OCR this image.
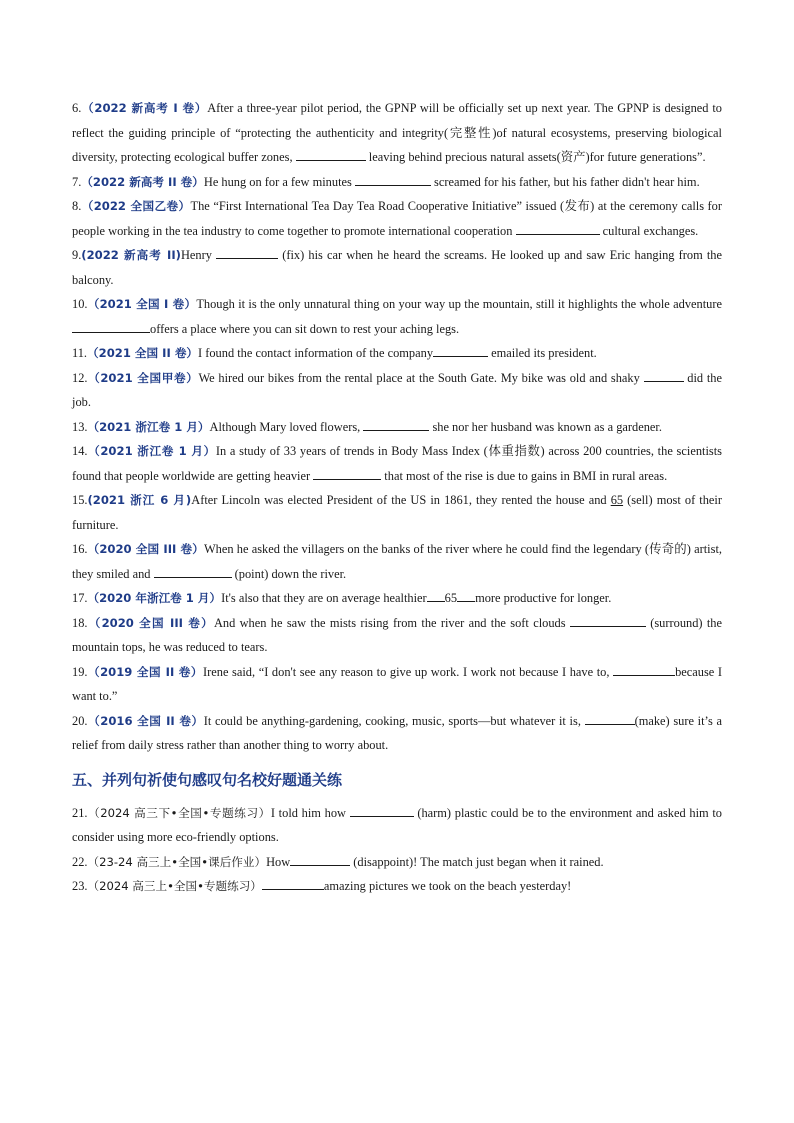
6.（2022 新高考 I 卷）After a three-year pilot period, the GPNP will be officially set up next year. The GPNP is designed to reflect the guiding principle of “protecting the authenticity and integrity(完整性)of natural ecosystems, preserving biological diversity, protecting ecological buffer zones,	leaving behind precious natural assets(资产)for future generations”.

7.（2022 新高考 II 卷）He hung on for a few minutes	screamed for his father, but his father didn't hear him.

8.（2022 全国乙卷）The “First International Tea Day Tea Road Cooperative Initiative” issued (发布) at the ceremony calls for people working in the tea industry to come together to promote international cooperation	cultural exchanges.

9.(2022 新高考 II)Henry	(fix) his car when he heard the screams. He looked up and saw Eric hanging from the balcony.

10.（2021 全国 I 卷）Though it is the only unnatural thing on your way up the mountain, still it highlights the whole adventure offers a place where you can sit down to rest your aching legs.

11.（2021 全国 II 卷）I found the contact information of the company	emailed its president.

12.（2021 全国甲卷）We hired our bikes from the rental place at the South Gate. My bike was old and shaky	did the job.

13.（2021 浙江卷 1 月）Although Mary loved flowers,	she nor her husband was known as a gardener.

14.（2021 浙江卷 1 月）In a study of 33 years of trends in Body Mass Index (体重指数) across 200 countries, the scientists found that people worldwide are getting heavier	that most of the rise is due to gains in BMI in rural areas.

15.(2021 浙江 6 月)After Lincoln was elected President of the US in 1861, they rented the house and 65 (sell) most of their furniture.

16.（2020 全国 III 卷）When he asked the villagers on the banks of the river where he could find the legendary (传奇的) artist, they smiled and	(point) down the river.

17.（2020 年浙江卷 1 月）It's also that they are on average healthier 65 more productive for longer.

18.（2020 全国 III 卷）And when he saw the mists rising from the river and the soft clouds	(surround) the mountain tops, he was reduced to tears.

19.（2019 全国 II 卷）Irene said, “I don't see any reason to give up work. I work not because I have to,	because I want to.”

20.（2016 全国 II 卷）It could be anything-gardening, cooking, music, sports—but whatever it is,	(make) sure it’s a relief from daily stress rather than another thing to worry about.

五、并列句祈使句感叹句名校好题通关练

21.（2024 高三下•全国•专题练习）I told him how	(harm) plastic could be to the environment and asked him to consider using more eco-friendly options.

22.（23-24 高三上•全国•课后作业）How	(disappoint)! The match just began when it rained.

23.（2024 高三上•全国•专题练习）	amazing pictures we took on the beach yesterday!
